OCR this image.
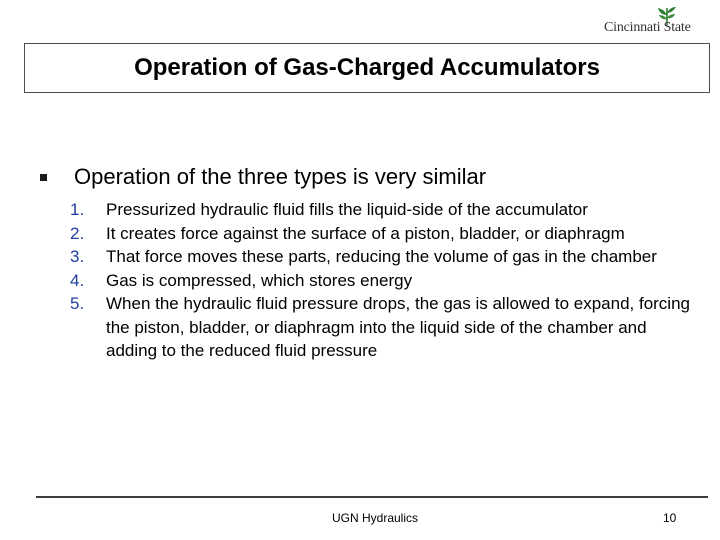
Cincinnati State
Operation of Gas-Charged Accumulators
Operation of the three types is very similar
1.	Pressurized hydraulic fluid fills the liquid-side of the accumulator
2.	It creates force against the surface of a piston, bladder, or diaphragm
3.	That force moves these parts, reducing the volume of gas in the chamber
4.	Gas is compressed, which stores energy
5.	When the hydraulic fluid pressure drops, the gas is allowed to expand, forcing the piston, bladder, or diaphragm into the liquid side of the chamber and adding to the reduced fluid pressure
UGN Hydraulics	10
